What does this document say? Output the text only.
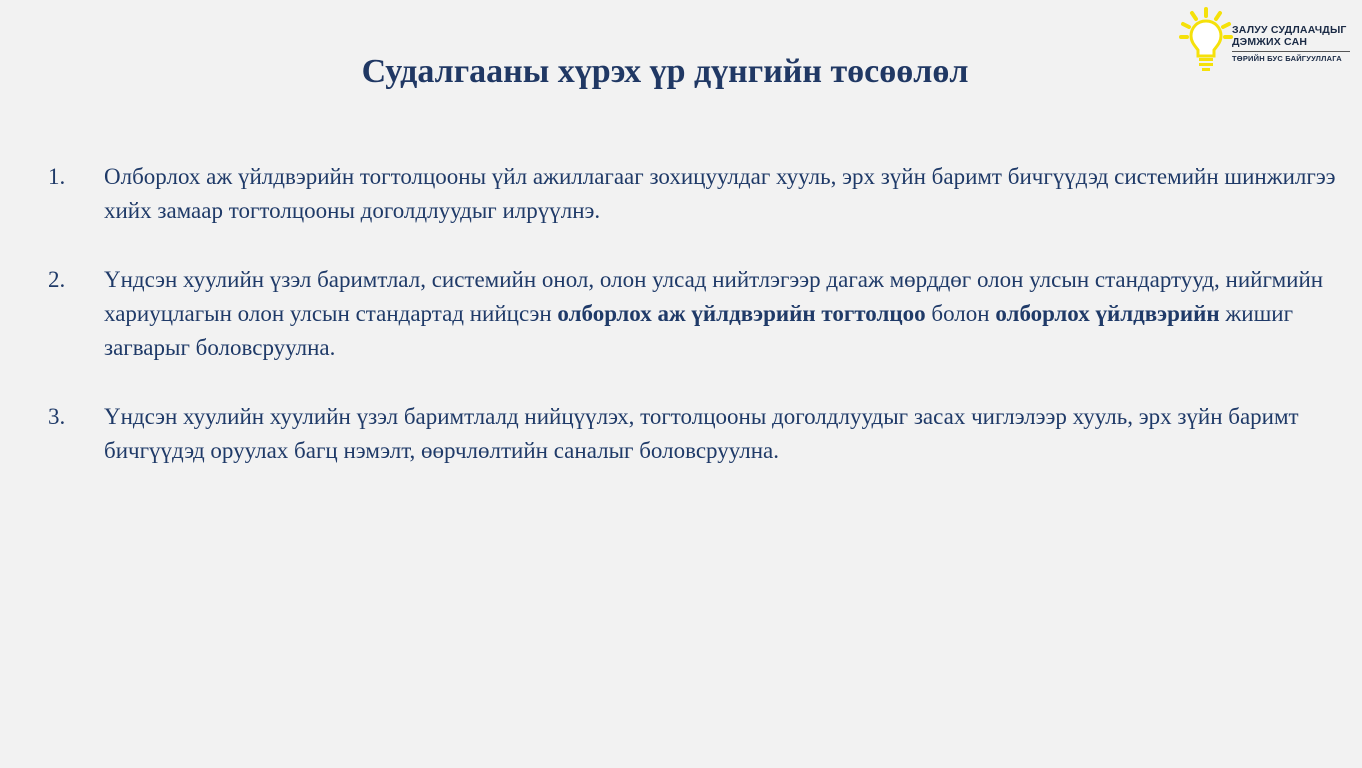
ЗАЛУУ СУДЛААЧДЫГ
ДЭМЖИХ САН
ТӨРИЙН БУС БАЙГУУЛЛАГА
Судалгааны хүрэх үр дүнгийн төсөөлөл
1. Олборлох аж үйлдвэрийн тогтолцооны үйл ажиллагааг зохицуулдаг хууль, эрх зүйн баримт бичгүүдэд системийн шинжилгээ хийх замаар тогтолцооны доголдлуудыг илрүүлнэ.
2. Үндсэн хуулийн үзэл баримтлал, системийн онол, олон улсад нийтлэгээр дагаж мөрддөг олон улсын стандартууд, нийгмийн хариуцлагын олон улсын стандартад нийцсэн олборлох аж үйлдвэрийн тогтолцоо болон олборлох үйлдвэрийн жишиг загварыг боловсруулна.
3. Үндсэн хуулийн хуулийн үзэл баримтлалд нийцүүлэх, тогтолцооны доголдлуудыг засах чиглэлээр хууль, эрх зүйн баримт бичгүүдэд оруулах багц нэмэлт, өөрчлөлтийн саналыг боловсруулна.
